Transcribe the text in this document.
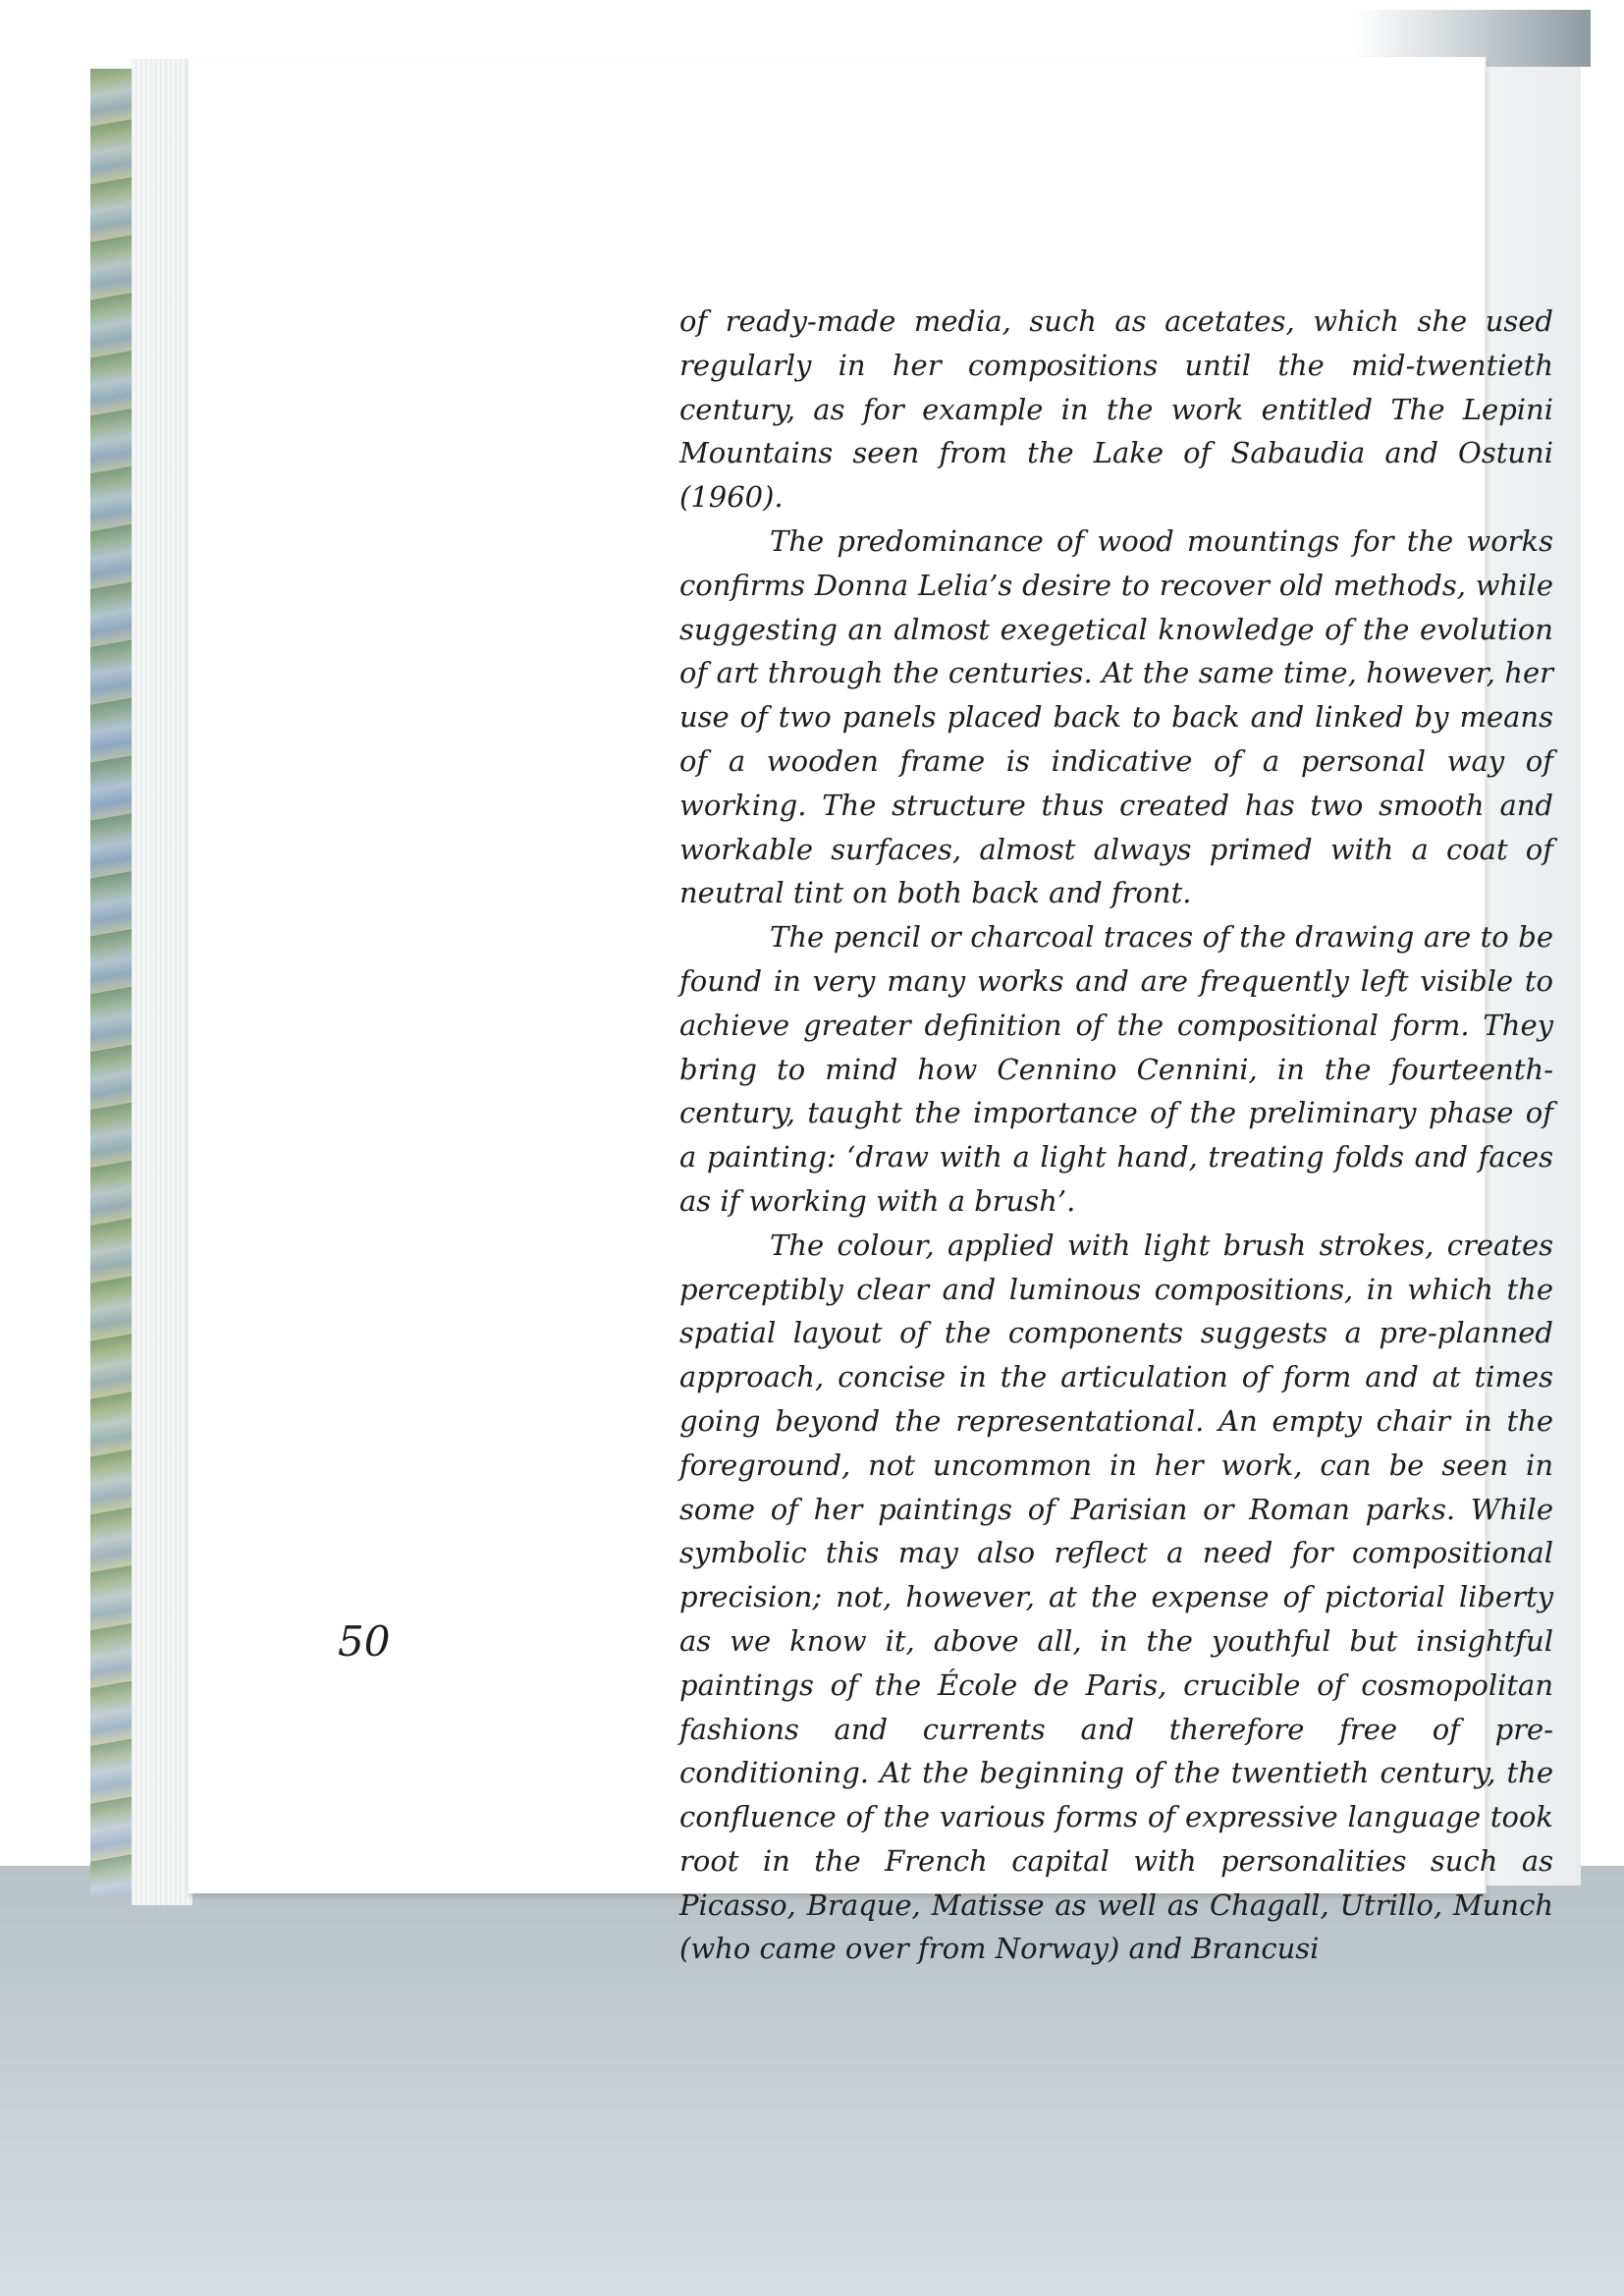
of ready-made media, such as acetates, which she used regularly in her compositions until the mid-twentieth century, as for example in the work entitled The Lepini Mountains seen from the Lake of Sabaudia and Ostuni (1960).

The predominance of wood mountings for the works confirms Donna Lelia’s desire to recover old methods, while suggesting an almost exegetical knowledge of the evolution of art through the centuries. At the same time, however, her use of two panels placed back to back and linked by means of a wooden frame is indicative of a personal way of working. The structure thus created has two smooth and workable surfaces, almost always primed with a coat of neutral tint on both back and front.

The pencil or charcoal traces of the drawing are to be found in very many works and are frequently left visible to achieve greater definition of the compositional form. They bring to mind how Cennino Cennini, in the fourteenth-century, taught the importance of the preliminary phase of a painting: ‘draw with a light hand, treating folds and faces as if working with a brush’.

The colour, applied with light brush strokes, creates perceptibly clear and luminous compositions, in which the spatial layout of the components suggests a pre-planned approach, concise in the articulation of form and at times going beyond the representational. An empty chair in the foreground, not uncommon in her work, can be seen in some of her paintings of Parisian or Roman parks. While symbolic this may also reflect a need for compositional precision; not, however, at the expense of pictorial liberty as we know it, above all, in the youthful but insightful paintings of the École de Paris, crucible of cosmopolitan fashions and currents and therefore free of pre-conditioning. At the beginning of the twentieth century, the confluence of the various forms of expressive language took root in the French capital with personalities such as Picasso, Braque, Matisse as well as Chagall, Utrillo, Munch (who came over from Norway) and Brancusi

50
